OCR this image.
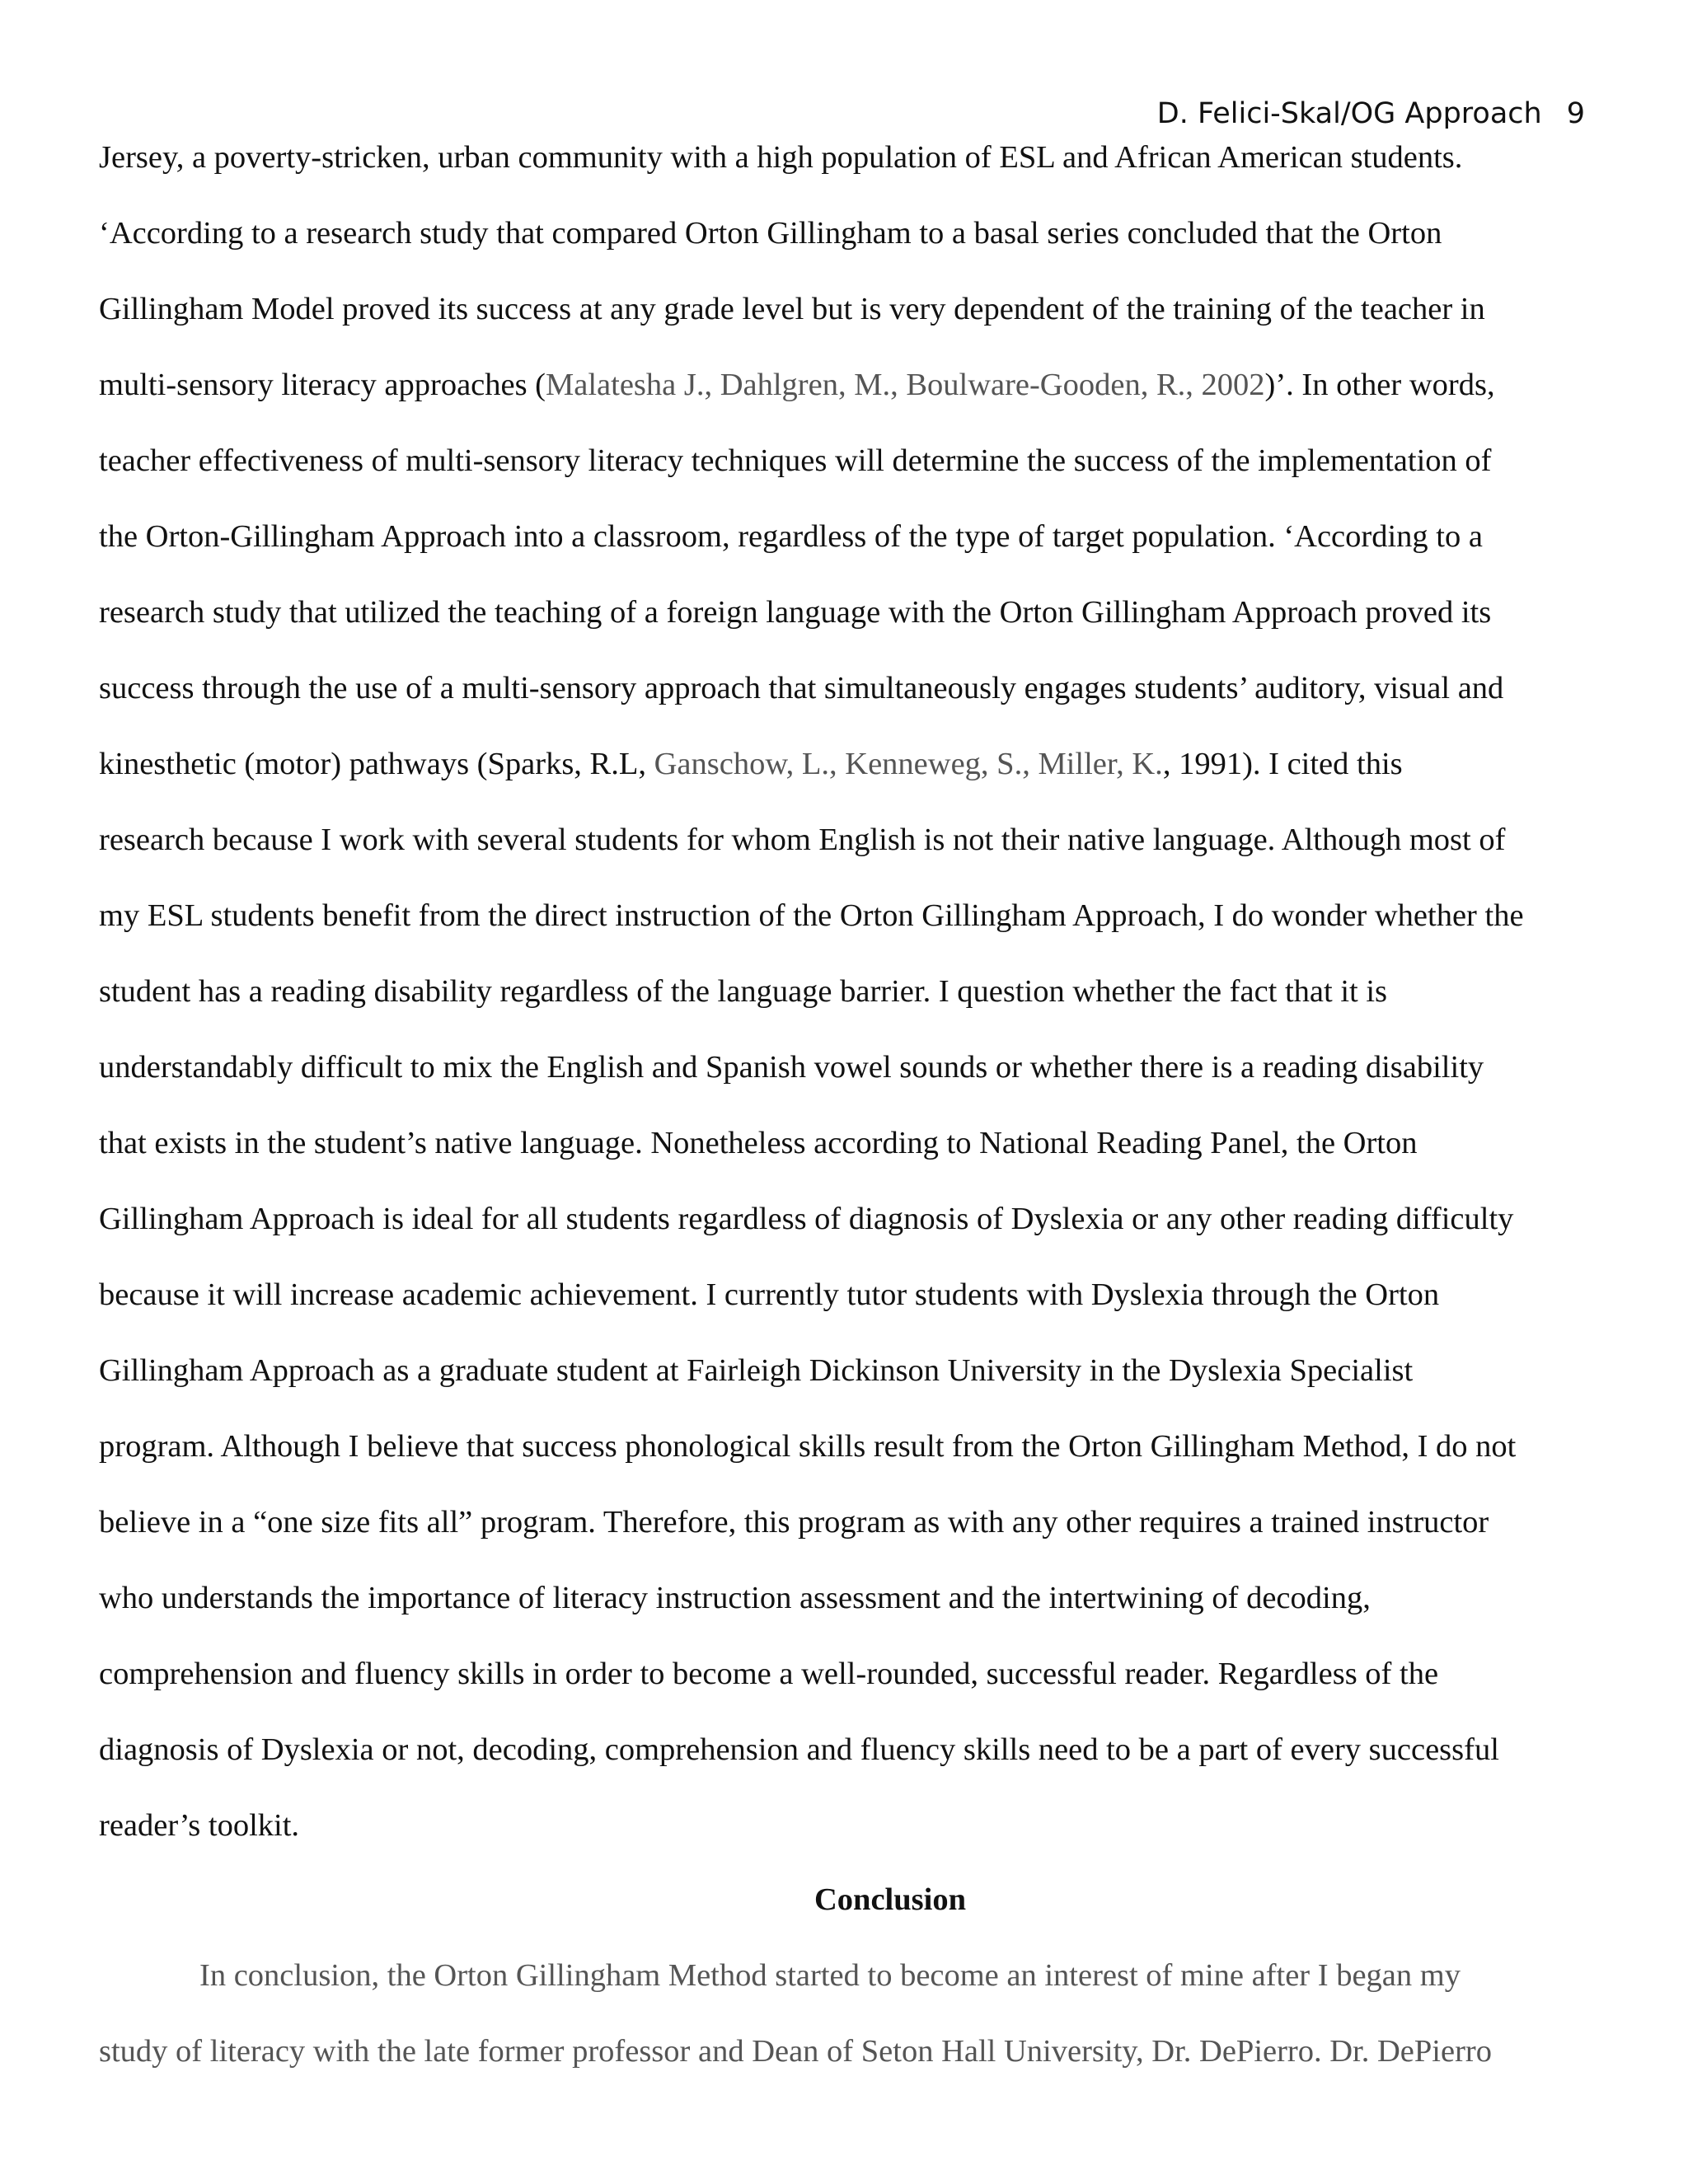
D. Felici-Skal/OG Approach 9
Jersey, a poverty-stricken, urban community with a high population of ESL and African American students.
‘According to a research study that compared Orton Gillingham to a basal series concluded that the Orton
Gillingham Model proved its success at any grade level but is very dependent of the training of the teacher in
multi-sensory literacy approaches (Malatesha J., Dahlgren, M., Boulware-Gooden, R., 2002)’. In other words,
teacher effectiveness of multi-sensory literacy techniques will determine the success of the implementation of
the Orton-Gillingham Approach into a classroom, regardless of the type of target population. ‘According to a
research study that utilized the teaching of a foreign language with the Orton Gillingham Approach proved its
success through the use of a multi-sensory approach that simultaneously engages students’ auditory, visual and
kinesthetic (motor) pathways (Sparks, R.L, Ganschow, L., Kenneweg, S., Miller, K., 1991). I cited this
research because I work with several students for whom English is not their native language. Although most of
my ESL students benefit from the direct instruction of the Orton Gillingham Approach, I do wonder whether the
student has a reading disability regardless of the language barrier. I question whether the fact that it is
understandably difficult to mix the English and Spanish vowel sounds or whether there is a reading disability
that exists in the student’s native language. Nonetheless according to National Reading Panel, the Orton
Gillingham Approach is ideal for all students regardless of diagnosis of Dyslexia or any other reading difficulty
because it will increase academic achievement. I currently tutor students with Dyslexia through the Orton
Gillingham Approach as a graduate student at Fairleigh Dickinson University in the Dyslexia Specialist
program. Although I believe that success phonological skills result from the Orton Gillingham Method, I do not
believe in a “one size fits all” program. Therefore, this program as with any other requires a trained instructor
who understands the importance of literacy instruction assessment and the intertwining of decoding,
comprehension and fluency skills in order to become a well-rounded, successful reader. Regardless of the
diagnosis of Dyslexia or not, decoding, comprehension and fluency skills need to be a part of every successful
reader’s toolkit.
Conclusion
In conclusion, the Orton Gillingham Method started to become an interest of mine after I began my
study of literacy with the late former professor and Dean of Seton Hall University, Dr. DePierro. Dr. DePierro
